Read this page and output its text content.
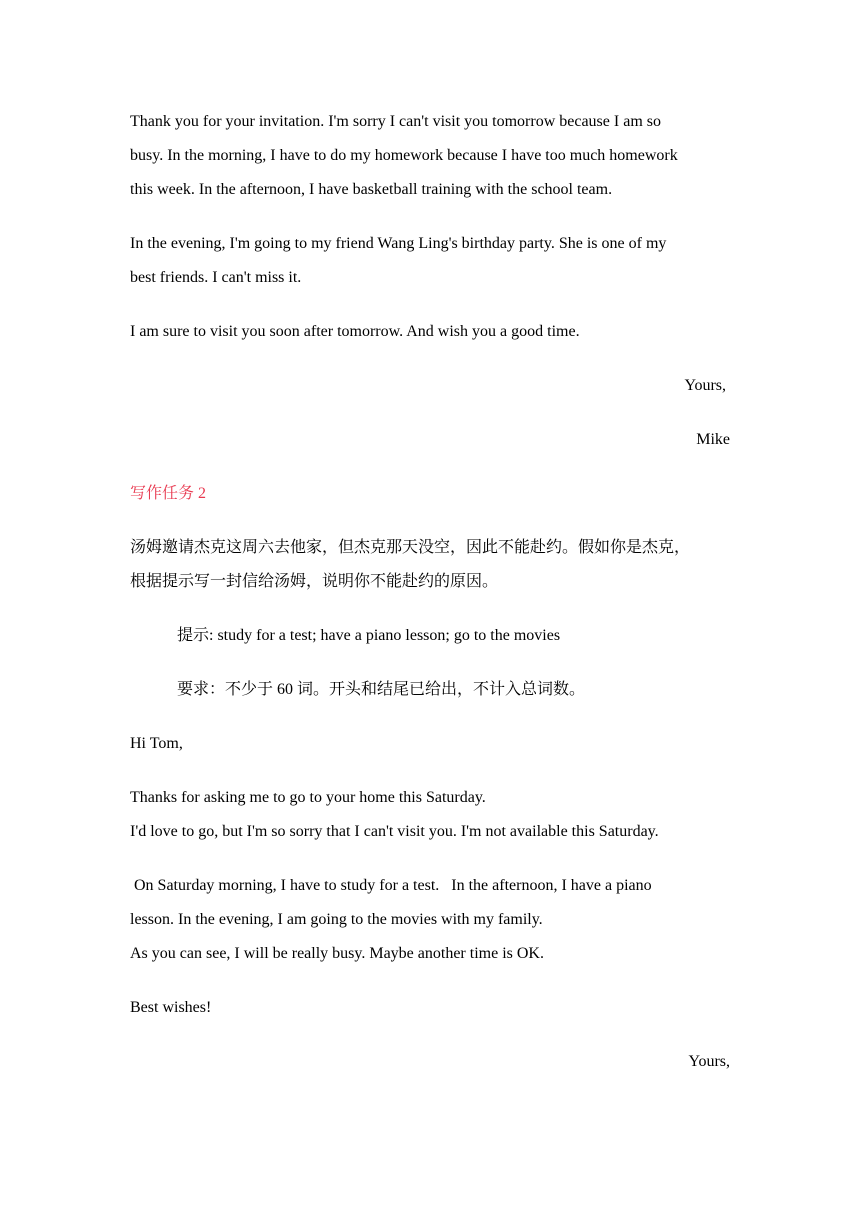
Thank you for your invitation. I'm sorry I can't visit you tomorrow because I am so
busy. In the morning, I have to do my homework because I have too much homework
this week. In the afternoon, I have basketball training with the school team.
In the evening, I'm going to my friend Wang Ling's birthday party. She is one of my
best friends. I can't miss it.
I am sure to visit you soon after tomorrow. And wish you a good time.
Yours,
Mike
写作任务 2
汤姆邀请杰克这周六去他家，但杰克那天没空，因此不能赴约。假如你是杰克，
根据提示写一封信给汤姆，说明你不能赴约的原因。
提示: study for a test; have a piano lesson; go to the movies
要求：不少于 60 词。开头和结尾已给出，不计入总词数。
Hi Tom,
Thanks for asking me to go to your home this Saturday.
I'd love to go, but I'm so sorry that I can't visit you. I'm not available this Saturday.
On Saturday morning, I have to study for a test.   In the afternoon, I have a piano
lesson. In the evening, I am going to the movies with my family.
As you can see, I will be really busy. Maybe another time is OK.
Best wishes!
Yours,
